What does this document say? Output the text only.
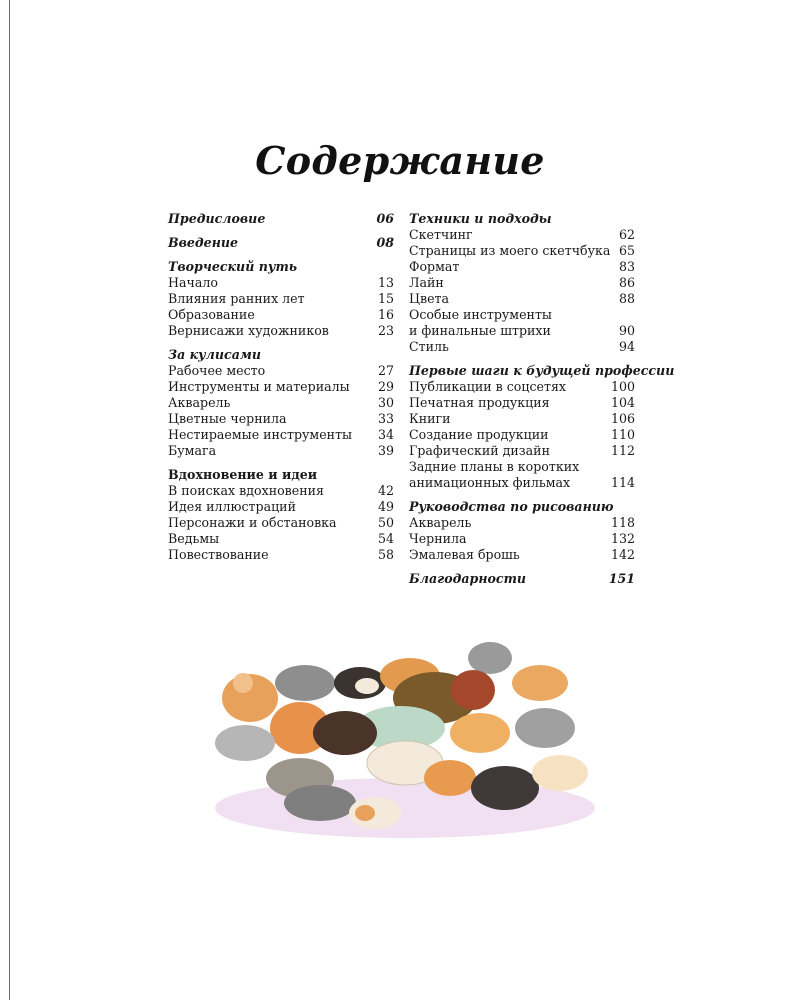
Содержание
Предисловие	06
Введение	08
Творческий путь
Начало	13
Влияния ранних лет	15
Образование	16
Вернисажи художников	23
За кулисами
Рабочее место	27
Инструменты и материалы	29
Акварель	30
Цветные чернила	33
Нестираемые инструменты	34
Бумага	39
Вдохновение и идеи
В поисках вдохновения	42
Идея иллюстраций	49
Персонажи и обстановка	50
Ведьмы	54
Повествование	58
Техники и подходы
Скетчинг	62
Страницы из моего скетчбука 65
Формат	83
Лайн	86
Цвета	88
Особые инструменты
и финальные штрихи	90
Стиль	94
Первые шаги к будущей профессии
Публикации в соцсетях	100
Печатная продукция	104
Книги	106
Создание продукции	110
Графический дизайн	112
Задние планы в коротких
анимационных фильмах	114
Руководства по рисованию
Акварель	118
Чернила	132
Эмалевая брошь	142
Благодарности	151
